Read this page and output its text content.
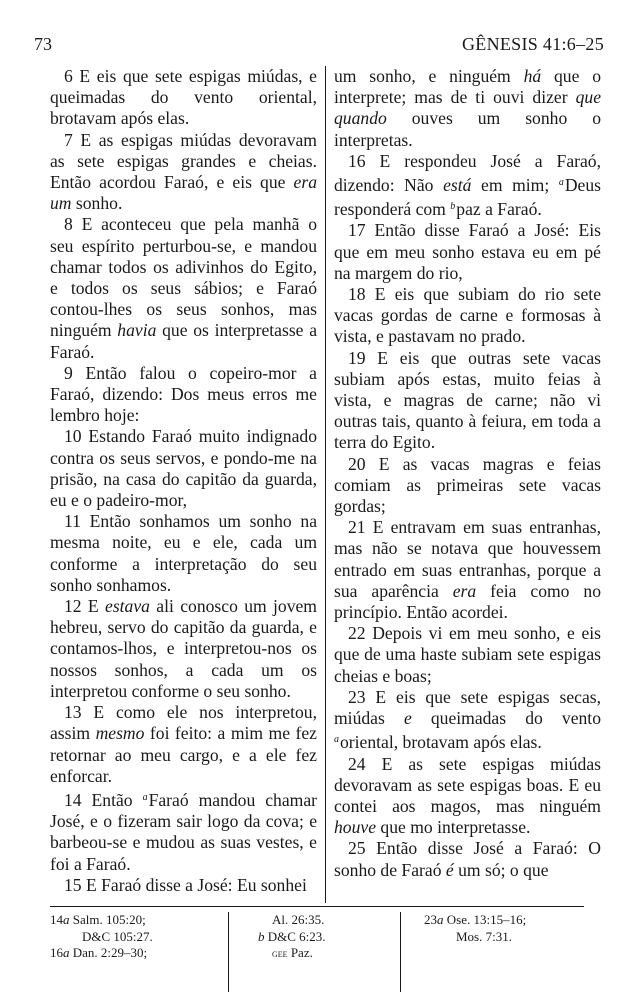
73	GÊNESIS 41:6–25

6 E eis que sete espigas miúdas, e queimadas do vento oriental, brotavam após elas.

7 E as espigas miúdas devoravam as sete espigas grandes e cheias. Então acordou Faraó, e eis que era um sonho.

8 E aconteceu que pela manhã o seu espírito perturbou-se, e mandou chamar todos os adivinhos do Egito, e todos os seus sábios; e Faraó contou-lhes os seus sonhos, mas ninguém havia que os interpretasse a Faraó.

9 Então falou o copeiro-mor a Faraó, dizendo: Dos meus erros me lembro hoje:

10 Estando Faraó muito indignado contra os seus servos, e pondo-me na prisão, na casa do capitão da guarda, eu e o padeiro-mor,

11 Então sonhamos um sonho na mesma noite, eu e ele, cada um conforme a interpretação do seu sonho sonhamos.

12 E estava ali conosco um jovem hebreu, servo do capitão da guarda, e contamos-lhos, e interpretou-nos os nossos sonhos, a cada um os interpretou conforme o seu sonho.

13 E como ele nos interpretou, assim mesmo foi feito: a mim me fez retornar ao meu cargo, e a ele fez enforcar.

14 Então $^a$Faraó mandou chamar José, e o fizeram sair logo da cova; e barbeou-se e mudou as suas vestes, e foi a Faraó.

15 E Faraó disse a José: Eu sonhei

um sonho, e ninguém há que o interprete; mas de ti ouvi dizer que quando ouves um sonho o interpretas.

16 E respondeu José a Faraó, dizendo: Não está em mim; $^a$Deus responderá com $^b$paz a Faraó.

17 Então disse Faraó a José: Eis que em meu sonho estava eu em pé na margem do rio,

18 E eis que subiam do rio sete vacas gordas de carne e formosas à vista, e pastavam no prado.

19 E eis que outras sete vacas subiam após estas, muito feias à vista, e magras de carne; não vi outras tais, quanto à feiura, em toda a terra do Egito.

20 E as vacas magras e feias comiam as primeiras sete vacas gordas;

21 E entravam em suas entranhas, mas não se notava que houvessem entrado em suas entranhas, porque a sua aparência era feia como no princípio. Então acordei.

22 Depois vi em meu sonho, e eis que de uma haste subiam sete espigas cheias e boas;

23 E eis que sete espigas secas, miúdas e queimadas do vento $^a$oriental, brotavam após elas.

24 E as sete espigas miúdas devoravam as sete espigas boas. E eu contei aos magos, mas ninguém houve que mo interpretasse.

25 Então disse José a Faraó: O sonho de Faraó é um só; o que

14a Salm. 105:20;
D&C 105:27.
16a Dan. 2:29–30;
Al. 26:35.
b D&C 6:23.
gee Paz.
23a Ose. 13:15–16;
Mos. 7:31.
